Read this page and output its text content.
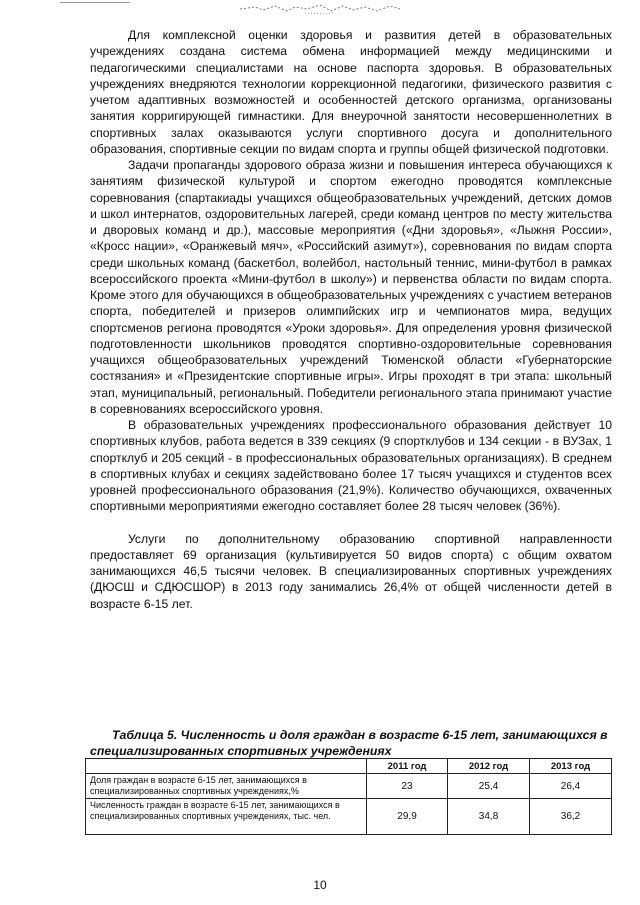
Для комплексной оценки здоровья и развития детей в образовательных учреждениях создана система обмена информацией между медицинскими и педагогическими специалистами на основе паспорта здоровья. В образовательных учреждениях внедряются технологии коррекционной педагогики, физического развития с учетом адаптивных возможностей и особенностей детского организма, организованы занятия корригирующей гимнастики. Для внеурочной занятости несовершеннолетних в спортивных залах оказываются услуги спортивного досуга и дополнительного образования, спортивные секции по видам спорта и группы общей физической подготовки.

Задачи пропаганды здорового образа жизни и повышения интереса обучающихся к занятиям физической культурой и спортом ежегодно проводятся комплексные соревнования (спартакиады учащихся общеобразовательных учреждений, детских домов и школ интернатов, оздоровительных лагерей, среди команд центров по месту жительства и дворовых команд и др.), массовые мероприятия («Дни здоровья», «Лыжня России», «Кросс нации», «Оранжевый мяч», «Российский азимут»), соревнования по видам спорта среди школьных команд (баскетбол, волейбол, настольный теннис, мини-футбол в рамках всероссийского проекта «Мини-футбол в школу») и первенства области по видам спорта. Кроме этого для обучающихся в общеобразовательных учреждениях с участием ветеранов спорта, победителей и призеров олимпийских игр и чемпионатов мира, ведущих спортсменов региона проводятся «Уроки здоровья». Для определения уровня физической подготовленности школьников проводятся спортивно-оздоровительные соревнования учащихся общеобразовательных учреждений Тюменской области «Губернаторские состязания» и «Президентские спортивные игры». Игры проходят в три этапа: школьный этап, муниципальный, региональный. Победители регионального этапа принимают участие в соревнованиях всероссийского уровня.

В образовательных учреждениях профессионального образования действует 10 спортивных клубов, работа ведется в 339 секциях (9 спортклубов и 134 секции - в ВУЗах, 1 спортклуб и 205 секций - в профессиональных образовательных организациях). В среднем в спортивных клубах и секциях задействовано более 17 тысяч учащихся и студентов всех уровней профессионального образования (21,9%). Количество обучающихся, охваченных спортивными мероприятиями ежегодно составляет более 28 тысяч человек (36%).

Услуги по дополнительному образованию спортивной направленности предоставляет 69 организация (культивируется 50 видов спорта) с общим охватом занимающихся 46,5 тысячи человек. В специализированных спортивных учреждениях (ДЮСШ и СДЮСШОР) в 2013 году занимались 26,4% от общей численности детей в возрасте 6-15 лет.

Таблица 5. Численность и доля граждан в возрасте 6-15 лет, занимающихся в специализированных спортивных учреждениях
	2011 год	2012 год	2013 год
Доля граждан в возрасте 6-15 лет, занимающихся в специализированных спортивных учреждениях,%	23	25,4	26,4
Численность граждан в возрасте 6-15 лет, занимающихся в специализированных спортивных учреждениях, тыс. чел.	29,9	34,8	36,2
10
